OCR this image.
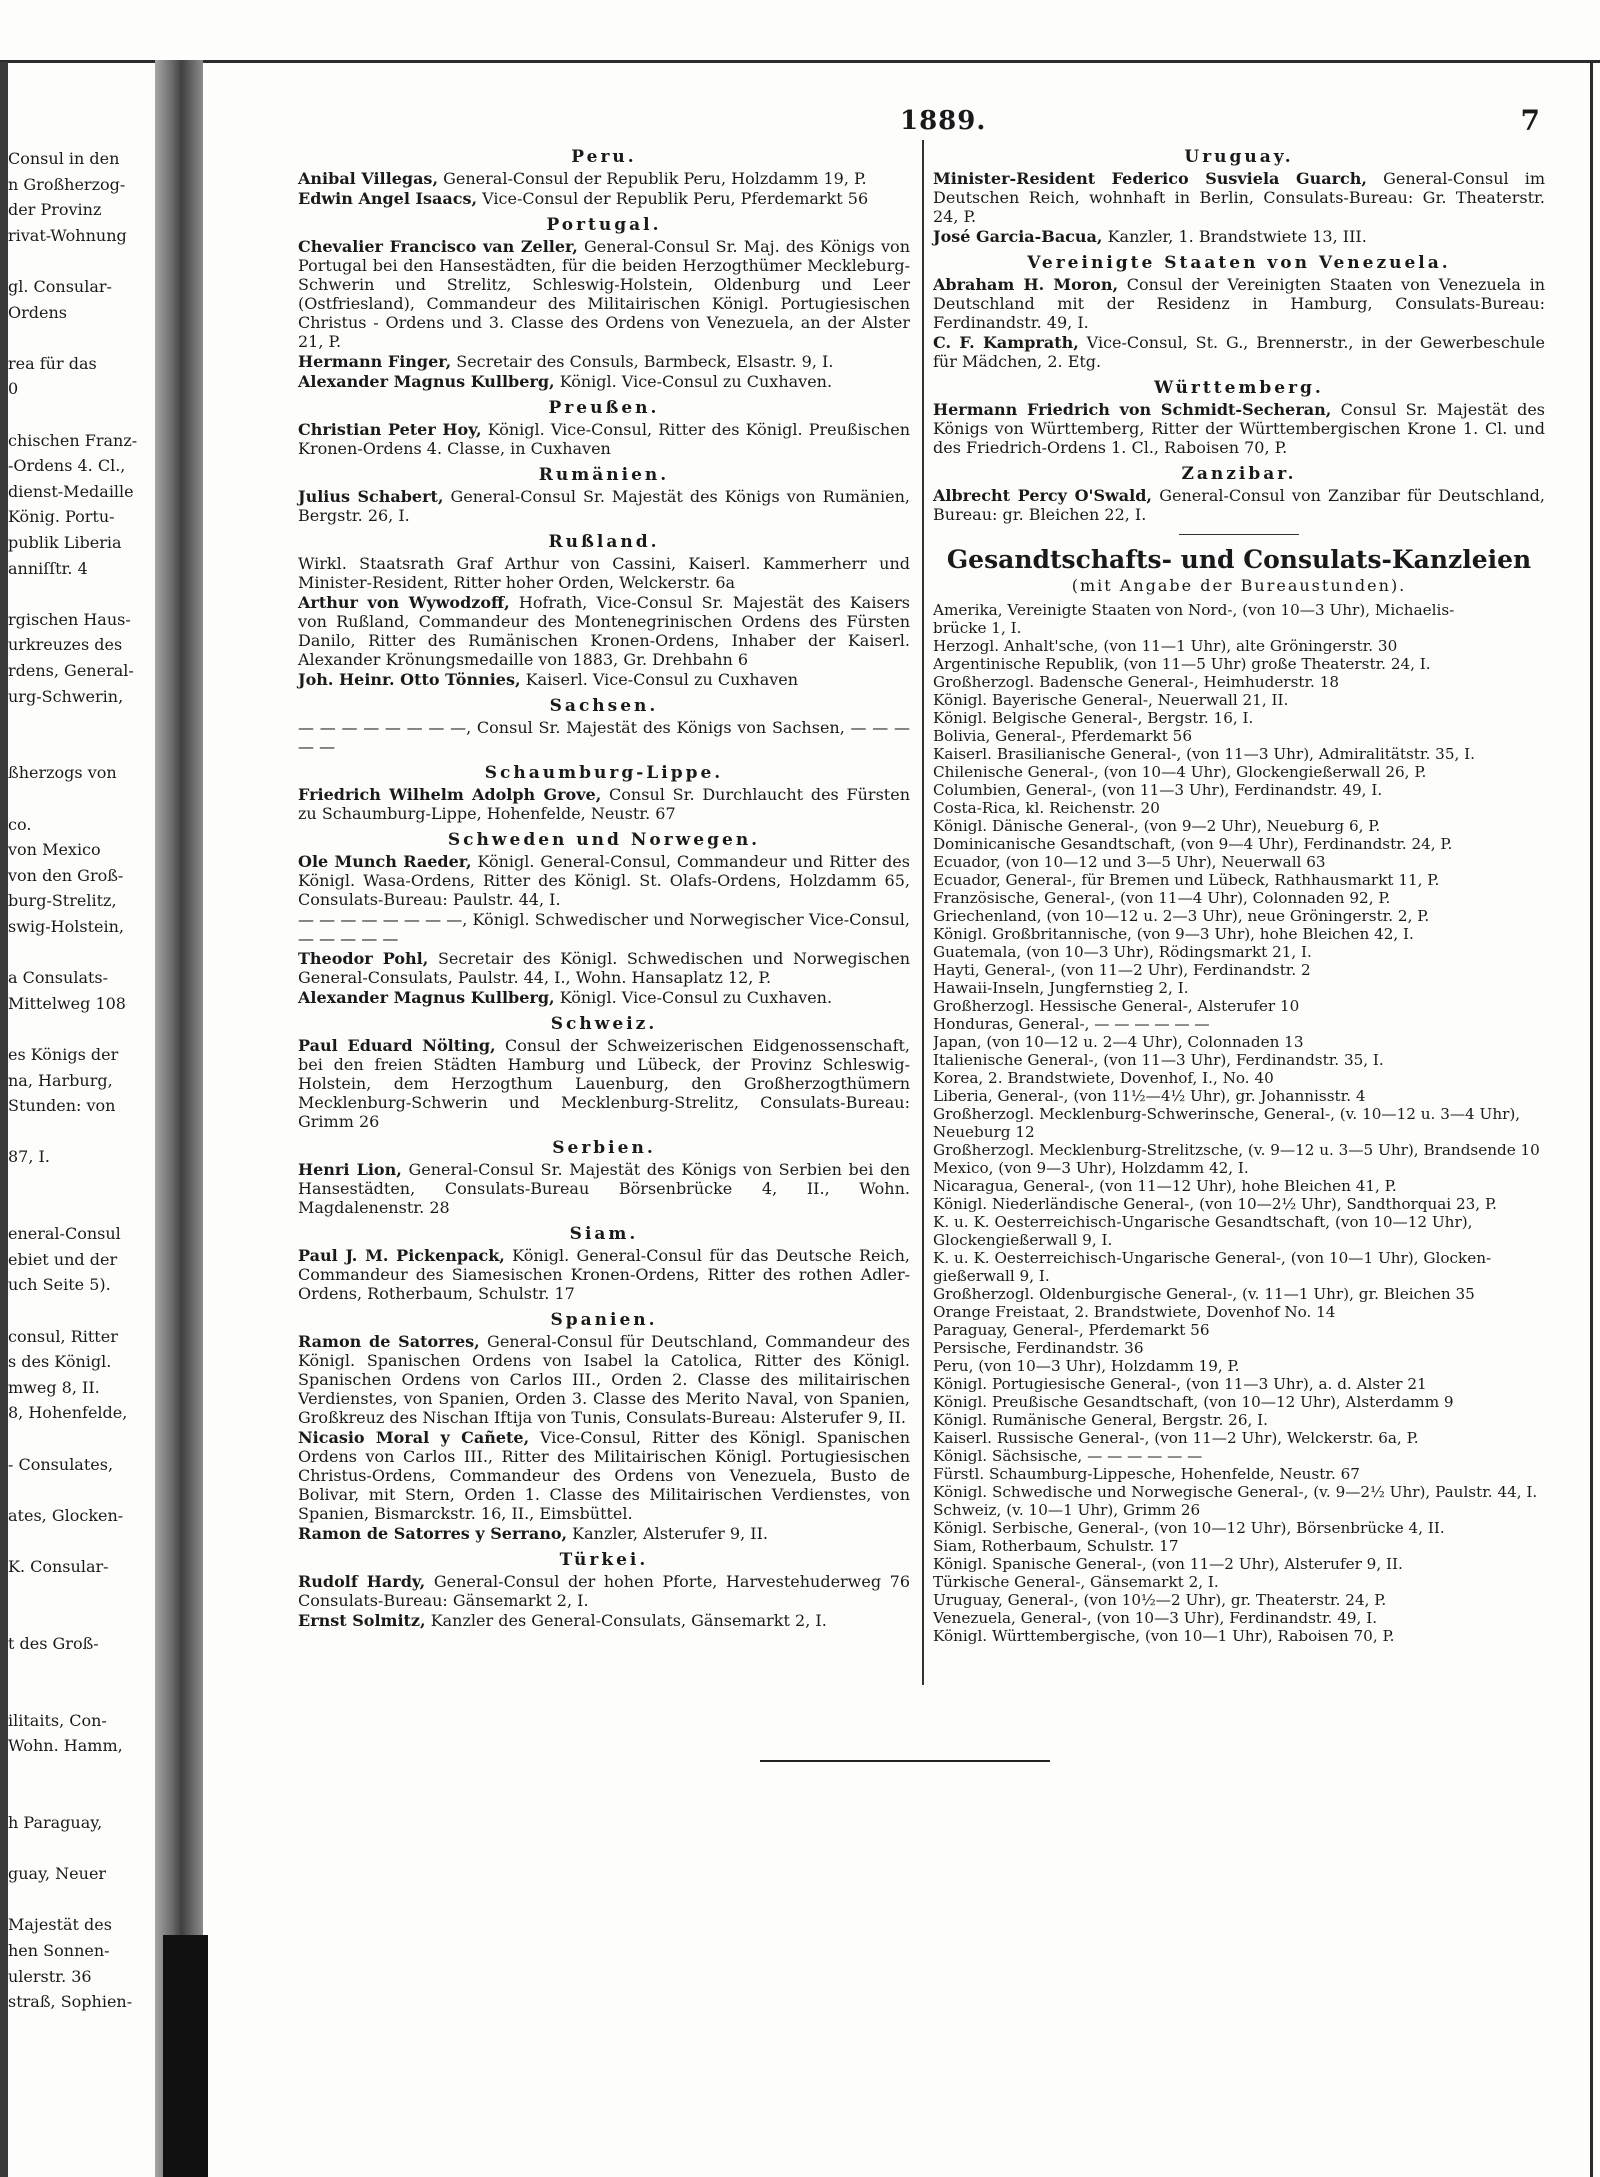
Consul in den
n Großherzog-
der Provinz
rivat-Wohnung
gl. Consular-
Ordens
rea für das
0
chischen Franz-
-Ordens 4. Cl.,
dienst-Medaille
König. Portu-
publik Liberia
anniſſtr. 4
rgischen Haus-
urkreuzes des
rdens, General-
urg-Schwerin,
ßherzogs von
co.
von Mexico
von den Groß-
burg-Strelitz,
swig-Holstein,
a Consulats-
Mittelweg 108
es Königs der
na, Harburg,
Stunden: von
87, I.
eneral-Consul
ebiet und der
uch Seite 5).
consul, Ritter
s des Königl.
mweg 8, II.
8, Hohenfelde,
- Consulates,
ates, Glocken-
K. Consular-
t des Groß-
ilitaits, Con-
Wohn. Hamm,
h Paraguay,
guay, Neuer
Majestät des
hen Sonnen-
ulerstr. 36
straß, Sophien-
1889.	7
Peru.
Anibal Villegas, General-Consul der Republik Peru, Holzdamm 19, P.
Edwin Angel Isaacs, Vice-Consul der Republik Peru, Pferdemarkt 56
Portugal.
Chevalier Francisco van Zeller, General-Consul Sr. Maj. des Königs von Portugal bei den Hansestädten, für die beiden Herzogthümer Meckleburg-Schwerin und Strelitz, Schleswig-Holstein, Oldenburg und Leer (Ostfriesland), Commandeur des Militairischen Königl. Portugiesischen Christus - Ordens und 3. Classe des Ordens von Venezuela, an der Alster 21, P.
Hermann Finger, Secretair des Consuls, Barmbeck, Elsastr. 9, I.
Alexander Magnus Kullberg, Königl. Vice-Consul zu Cuxhaven.
Preußen.
Christian Peter Hoy, Königl. Vice-Consul, Ritter des Königl. Preußischen Kronen-Ordens 4. Classe, in Cuxhaven
Rumänien.
Julius Schabert, General-Consul Sr. Majestät des Königs von Rumänien, Bergstr. 26, I.
Rußland.
Wirkl. Staatsrath Graf Arthur von Cassini, Kaiserl. Kammerherr und Minister-Resident, Ritter hoher Orden, Welckerstr. 6a
Arthur von Wywodzoff, Hofrath, Vice-Consul Sr. Majestät des Kaisers von Rußland, Commandeur des Montenegrinischen Ordens des Fürsten Danilo, Ritter des Rumänischen Kronen-Ordens, Inhaber der Kaiserl. Alexander Krönungsmedaille von 1883, Gr. Drehbahn 6
Joh. Heinr. Otto Tönnies, Kaiserl. Vice-Consul zu Cuxhaven
Sachsen.
— — — — — — — —, Consul Sr. Majestät des Königs von Sachsen, — — — — —
Schaumburg-Lippe.
Friedrich Wilhelm Adolph Grove, Consul Sr. Durchlaucht des Fürsten zu Schaumburg-Lippe, Hohenfelde, Neustr. 67
Schweden und Norwegen.
Ole Munch Raeder, Königl. General-Consul, Commandeur und Ritter des Königl. Wasa-Ordens, Ritter des Königl. St. Olafs-Ordens, Holzdamm 65, Consulats-Bureau: Paulstr. 44, I.
— — — — — — — —, Königl. Schwedischer und Norwegischer Vice-Consul, — — — — —
Theodor Pohl, Secretair des Königl. Schwedischen und Norwegischen General-Consulats, Paulstr. 44, I., Wohn. Hansaplatz 12, P.
Alexander Magnus Kullberg, Königl. Vice-Consul zu Cuxhaven.
Schweiz.
Paul Eduard Nölting, Consul der Schweizerischen Eidgenossenschaft, bei den freien Städten Hamburg und Lübeck, der Provinz Schleswig-Holstein, dem Herzogthum Lauenburg, den Großherzogthümern Mecklenburg-Schwerin und Mecklenburg-Strelitz, Consulats-Bureau: Grimm 26
Serbien.
Henri Lion, General-Consul Sr. Majestät des Königs von Serbien bei den Hansestädten, Consulats-Bureau Börsenbrücke 4, II., Wohn. Magdalenenstr. 28
Siam.
Paul J. M. Pickenpack, Königl. General-Consul für das Deutsche Reich, Commandeur des Siamesischen Kronen-Ordens, Ritter des rothen Adler-Ordens, Rotherbaum, Schulstr. 17
Spanien.
Ramon de Satorres, General-Consul für Deutschland, Commandeur des Königl. Spanischen Ordens von Isabel la Catolica, Ritter des Königl. Spanischen Ordens von Carlos III., Orden 2. Classe des militairischen Verdienstes, von Spanien, Orden 3. Classe des Merito Naval, von Spanien, Großkreuz des Nischan Iftija von Tunis, Consulats-Bureau: Alsterufer 9, II.
Nicasio Moral y Cañete, Vice-Consul, Ritter des Königl. Spanischen Ordens von Carlos III., Ritter des Militairischen Königl. Portugiesischen Christus-Ordens, Commandeur des Ordens von Venezuela, Busto de Bolivar, mit Stern, Orden 1. Classe des Militairischen Verdienstes, von Spanien, Bismarckstr. 16, II., Eimsbüttel.
Ramon de Satorres y Serrano, Kanzler, Alsterufer 9, II.
Türkei.
Rudolf Hardy, General-Consul der hohen Pforte, Harvestehuderweg 76 Consulats-Bureau: Gänsemarkt 2, I.
Ernst Solmitz, Kanzler des General-Consulats, Gänsemarkt 2, I.
Uruguay.
Minister-Resident Federico Susviela Guarch, General-Consul im Deutschen Reich, wohnhaft in Berlin, Consulats-Bureau: Gr. Theaterstr. 24, P.
José Garcia-Bacua, Kanzler, 1. Brandstwiete 13, III.
Vereinigte Staaten von Venezuela.
Abraham H. Moron, Consul der Vereinigten Staaten von Venezuela in Deutschland mit der Residenz in Hamburg, Consulats-Bureau: Ferdinandstr. 49, I.
C. F. Kamprath, Vice-Consul, St. G., Brennerstr., in der Gewerbeschule für Mädchen, 2. Etg.
Württemberg.
Hermann Friedrich von Schmidt-Secheran, Consul Sr. Majestät des Königs von Württemberg, Ritter der Württembergischen Krone 1. Cl. und des Friedrich-Ordens 1. Cl., Raboisen 70, P.
Zanzibar.
Albrecht Percy O'Swald, General-Consul von Zanzibar für Deutschland, Bureau: gr. Bleichen 22, I.
Gesandtschafts- und Consulats-Kanzleien
(mit Angabe der Bureaustunden).
Amerika, Vereinigte Staaten von Nord-, (von 10—3 Uhr), Michaelis-
brücke 1, I.
Herzogl. Anhalt'sche, (von 11—1 Uhr), alte Gröningerstr. 30
Argentinische Republik, (von 11—5 Uhr) große Theaterstr. 24, I.
Großherzogl. Badensche General-, Heimhuderstr. 18
Königl. Bayerische General-, Neuerwall 21, II.
Königl. Belgische General-, Bergstr. 16, I.
Bolivia, General-, Pferdemarkt 56
Kaiserl. Brasilianische General-, (von 11—3 Uhr), Admiralitätstr. 35, I.
Chilenische General-, (von 10—4 Uhr), Glockengießerwall 26, P.
Columbien, General-, (von 11—3 Uhr), Ferdinandstr. 49, I.
Costa-Rica, kl. Reichenstr. 20
Königl. Dänische General-, (von 9—2 Uhr), Neueburg 6, P.
Dominicanische Gesandtschaft, (von 9—4 Uhr), Ferdinandstr. 24, P.
Ecuador, (von 10—12 und 3—5 Uhr), Neuerwall 63
Ecuador, General-, für Bremen und Lübeck, Rathhausmarkt 11, P.
Französische, General-, (von 11—4 Uhr), Colonnaden 92, P.
Griechenland, (von 10—12 u. 2—3 Uhr), neue Gröningerstr. 2, P.
Königl. Großbritannische, (von 9—3 Uhr), hohe Bleichen 42, I.
Guatemala, (von 10—3 Uhr), Rödingsmarkt 21, I.
Hayti, General-, (von 11—2 Uhr), Ferdinandstr. 2
Hawaii-Inseln, Jungfernstieg 2, I.
Großherzogl. Hessische General-, Alsterufer 10
Honduras, General-, — — — — — —
Japan, (von 10—12 u. 2—4 Uhr), Colonnaden 13
Italienische General-, (von 11—3 Uhr), Ferdinandstr. 35, I.
Korea, 2. Brandstwiete, Dovenhof, I., No. 40
Liberia, General-, (von 11½—4½ Uhr), gr. Johannisstr. 4
Großherzogl. Mecklenburg-Schwerinsche, General-, (v. 10—12 u. 3—4 Uhr),
Neueburg 12
Großherzogl. Mecklenburg-Strelitzsche, (v. 9—12 u. 3—5 Uhr), Brandsende 10
Mexico, (von 9—3 Uhr), Holzdamm 42, I.
Nicaragua, General-, (von 11—12 Uhr), hohe Bleichen 41, P.
Königl. Niederländische General-, (von 10—2½ Uhr), Sandthorquai 23, P.
K. u. K. Oesterreichisch-Ungarische Gesandtschaft, (von 10—12 Uhr),
Glockengießerwall 9, I.
K. u. K. Oesterreichisch-Ungarische General-, (von 10—1 Uhr), Glocken-
gießerwall 9, I.
Großherzogl. Oldenburgische General-, (v. 11—1 Uhr), gr. Bleichen 35
Orange Freistaat, 2. Brandstwiete, Dovenhof No. 14
Paraguay, General-, Pferdemarkt 56
Persische, Ferdinandstr. 36
Peru, (von 10—3 Uhr), Holzdamm 19, P.
Königl. Portugiesische General-, (von 11—3 Uhr), a. d. Alster 21
Königl. Preußische Gesandtschaft, (von 10—12 Uhr), Alsterdamm 9
Königl. Rumänische General, Bergstr. 26, I.
Kaiserl. Russische General-, (von 11—2 Uhr), Welckerstr. 6a, P.
Königl. Sächsische, — — — — — —
Fürstl. Schaumburg-Lippesche, Hohenfelde, Neustr. 67
Königl. Schwedische und Norwegische General-, (v. 9—2½ Uhr), Paulstr. 44, I.
Schweiz, (v. 10—1 Uhr), Grimm 26
Königl. Serbische, General-, (von 10—12 Uhr), Börsenbrücke 4, II.
Siam, Rotherbaum, Schulstr. 17
Königl. Spanische General-, (von 11—2 Uhr), Alsterufer 9, II.
Türkische General-, Gänsemarkt 2, I.
Uruguay, General-, (von 10½—2 Uhr), gr. Theaterstr. 24, P.
Venezuela, General-, (von 10—3 Uhr), Ferdinandstr. 49, I.
Königl. Württembergische, (von 10—1 Uhr), Raboisen 70, P.
